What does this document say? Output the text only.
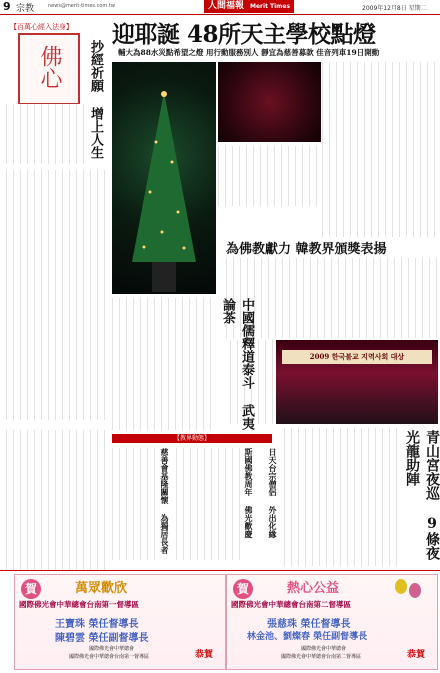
9 宗教	news@merit-times.com.tw	人間福報 Merit Times	2009年12月8日 星期二
【百萬心經入法身】
佛心	抄經祈願 增上人生
迎耶誕 48所天主學校點燈
輔大為88水災點希望之燈 用行動服務別人 靜宜為慈善募款 佳音列車19日開動
為佛教獻力 韓教界頒獎表揚
2009 한국불교 지역사회 대상
中國儒釋道泰斗 武夷論茶
【教界動態】
慈善會基隆關懷 為獨居長者	斯國佛教周年 佛光歡慶 日天台宗僧侶 外出化緣	青山宮夜巡 9條夜光龍助陣
賀	萬眾歡欣
國際佛光會中華總會台南第一督導區
王寶珠 榮任督導長
陳碧雲 榮任副督導長
國際佛光會中華總會
國際佛光會中華總會台南第一督導區	恭賀
賀	熱心公益
國際佛光會中華總會台南第二督導區
張慈珠 榮任督導長
林金池、劉燦春 榮任副督導長
國際佛光會中華總會
國際佛光會中華總會台南第二督導區	恭賀
